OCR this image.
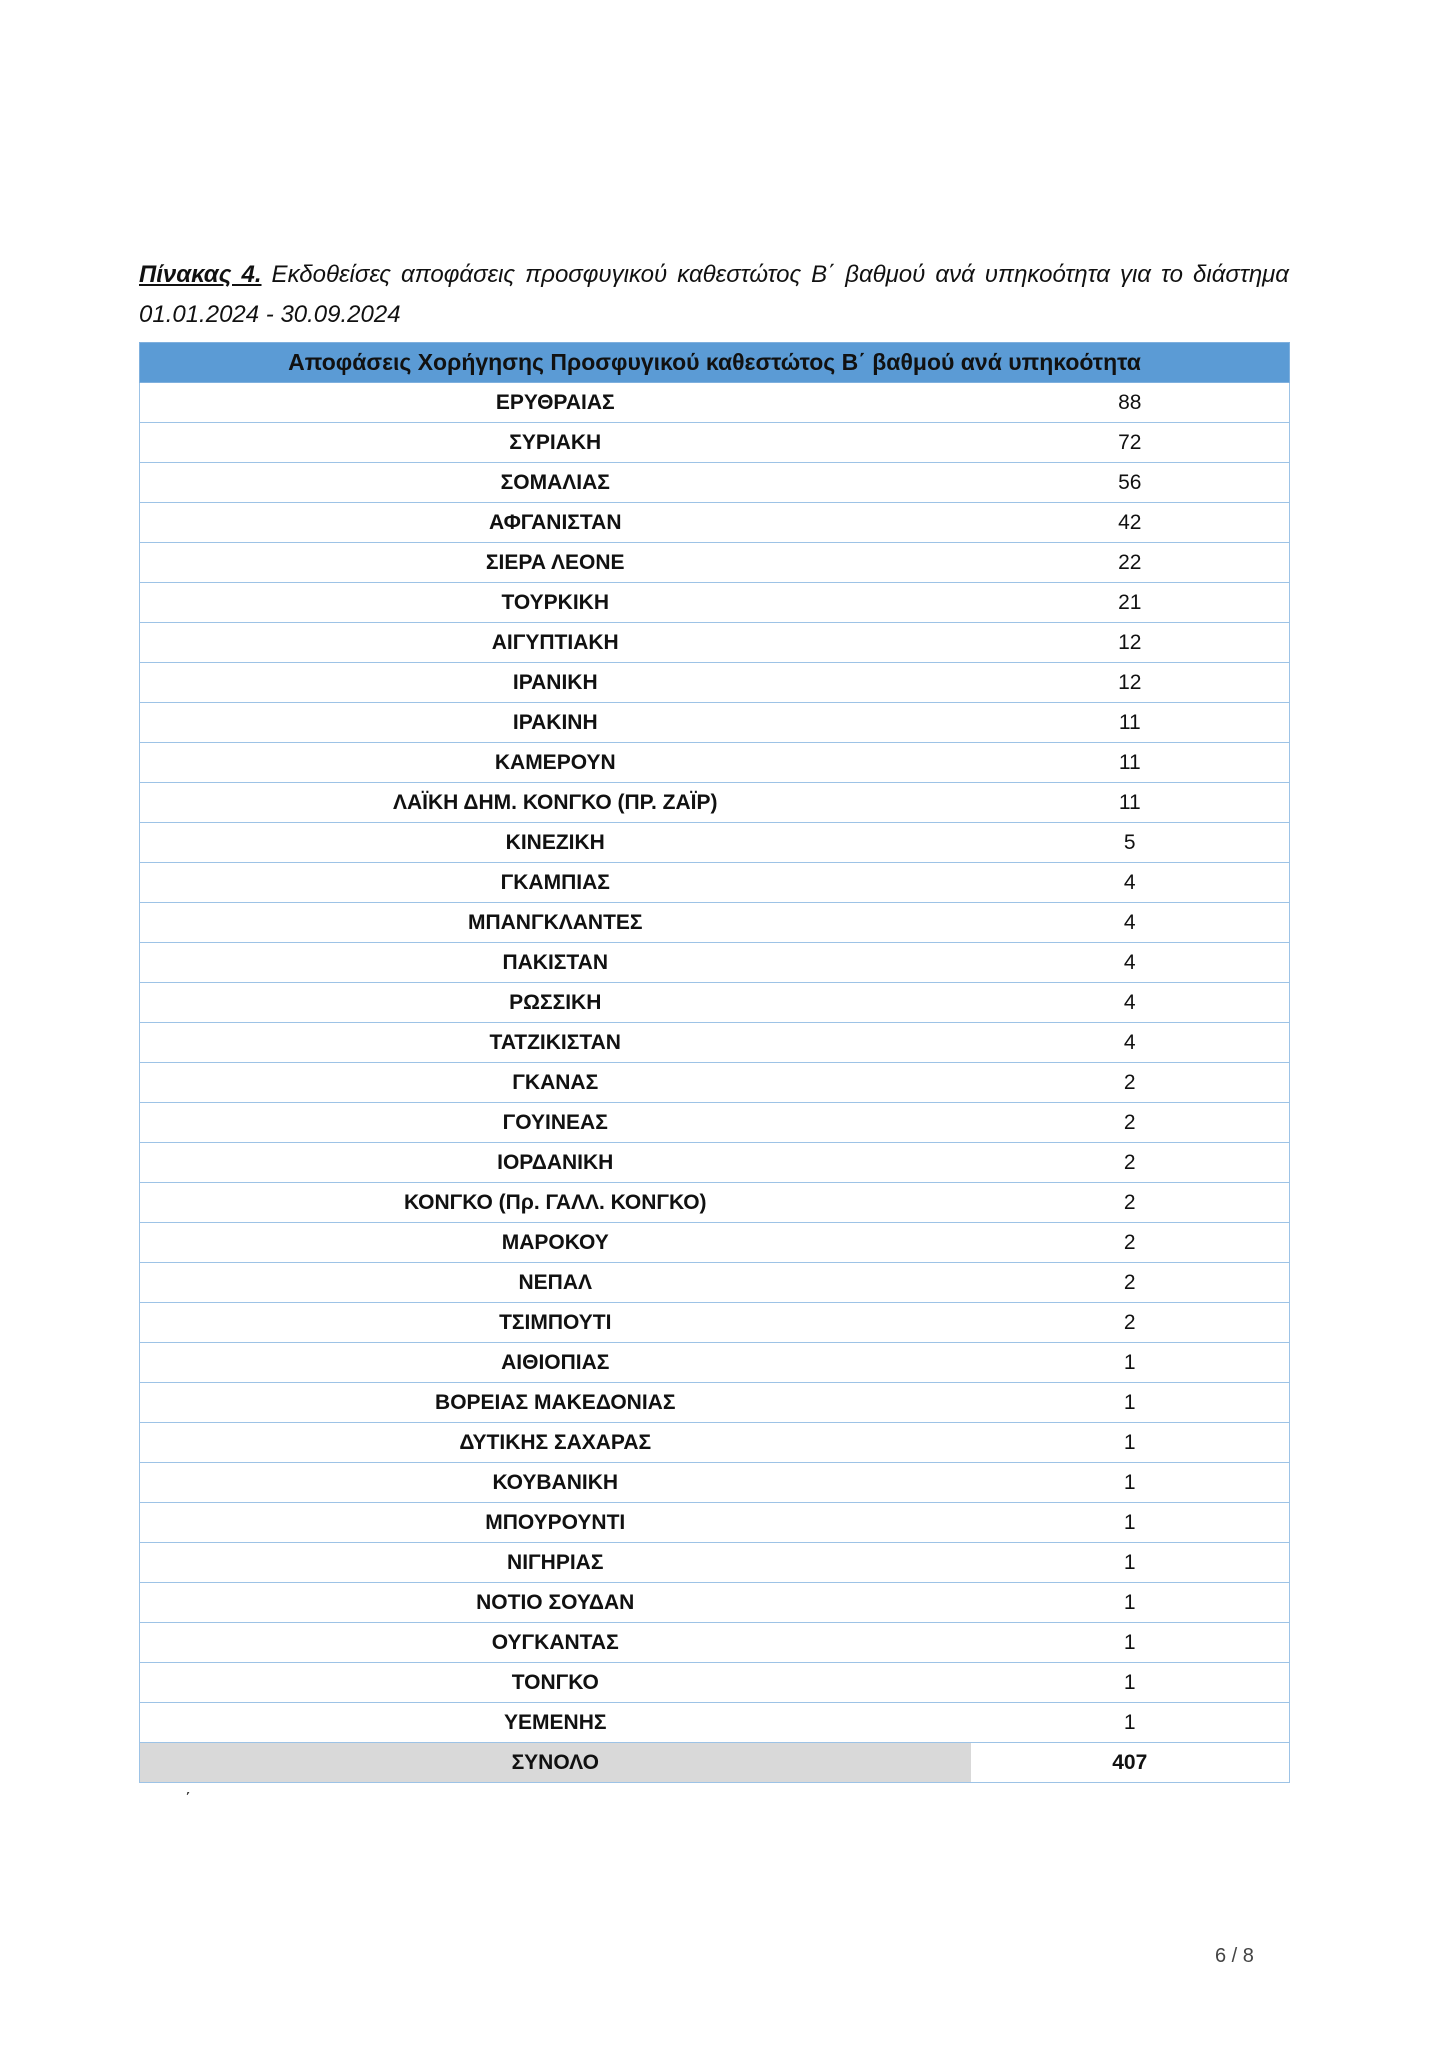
Πίνακας 4. Εκδοθείσες αποφάσεις προσφυγικού καθεστώτος Β΄ βαθμού ανά υπηκοότητα για το διάστημα 01.01.2024 - 30.09.2024
Αποφάσεις Χορήγησης Προσφυγικού καθεστώτος Β΄ βαθμού ανά υπηκοότητα	
ΕΡΥΘΡΑΙΑΣ	88
ΣΥΡΙΑΚΗ	72
ΣΟΜΑΛΙΑΣ	56
ΑΦΓΑΝΙΣΤΑΝ	42
ΣΙΕΡΑ ΛΕΟΝΕ	22
ΤΟΥΡΚΙΚΗ	21
ΑΙΓΥΠΤΙΑΚΗ	12
ΙΡΑΝΙΚΗ	12
ΙΡΑΚΙΝΗ	11
ΚΑΜΕΡΟΥΝ	11
ΛΑΪΚΗ ΔΗΜ. ΚΟΝΓΚΟ (ΠΡ. ΖΑΪΡ)	11
ΚΙΝΕΖΙΚΗ	5
ΓΚΑΜΠΙΑΣ	4
ΜΠΑΝΓΚΛΑΝΤΕΣ	4
ΠΑΚΙΣΤΑΝ	4
ΡΩΣΣΙΚΗ	4
ΤΑΤΖΙΚΙΣΤΑΝ	4
ΓΚΑΝΑΣ	2
ΓΟΥΙΝΕΑΣ	2
ΙΟΡΔΑΝΙΚΗ	2
ΚΟΝΓΚΟ (Πρ. ΓΑΛΛ. ΚΟΝΓΚΟ)	2
ΜΑΡΟΚΟΥ	2
ΝΕΠΑΛ	2
ΤΣΙΜΠΟΥΤΙ	2
ΑΙΘΙΟΠΙΑΣ	1
ΒΟΡΕΙΑΣ ΜΑΚΕΔΟΝΙΑΣ	1
ΔΥΤΙΚΗΣ ΣΑΧΑΡΑΣ	1
ΚΟΥΒΑΝΙΚΗ	1
ΜΠΟΥΡΟΥΝΤΙ	1
ΝΙΓΗΡΙΑΣ	1
ΝΟΤΙΟ ΣΟΥΔΑΝ	1
ΟΥΓΚΑΝΤΑΣ	1
ΤΟΝΓΚΟ	1
ΥΕΜΕΝΗΣ	1
ΣΥΝΟΛΟ	407
΄
6 / 8
